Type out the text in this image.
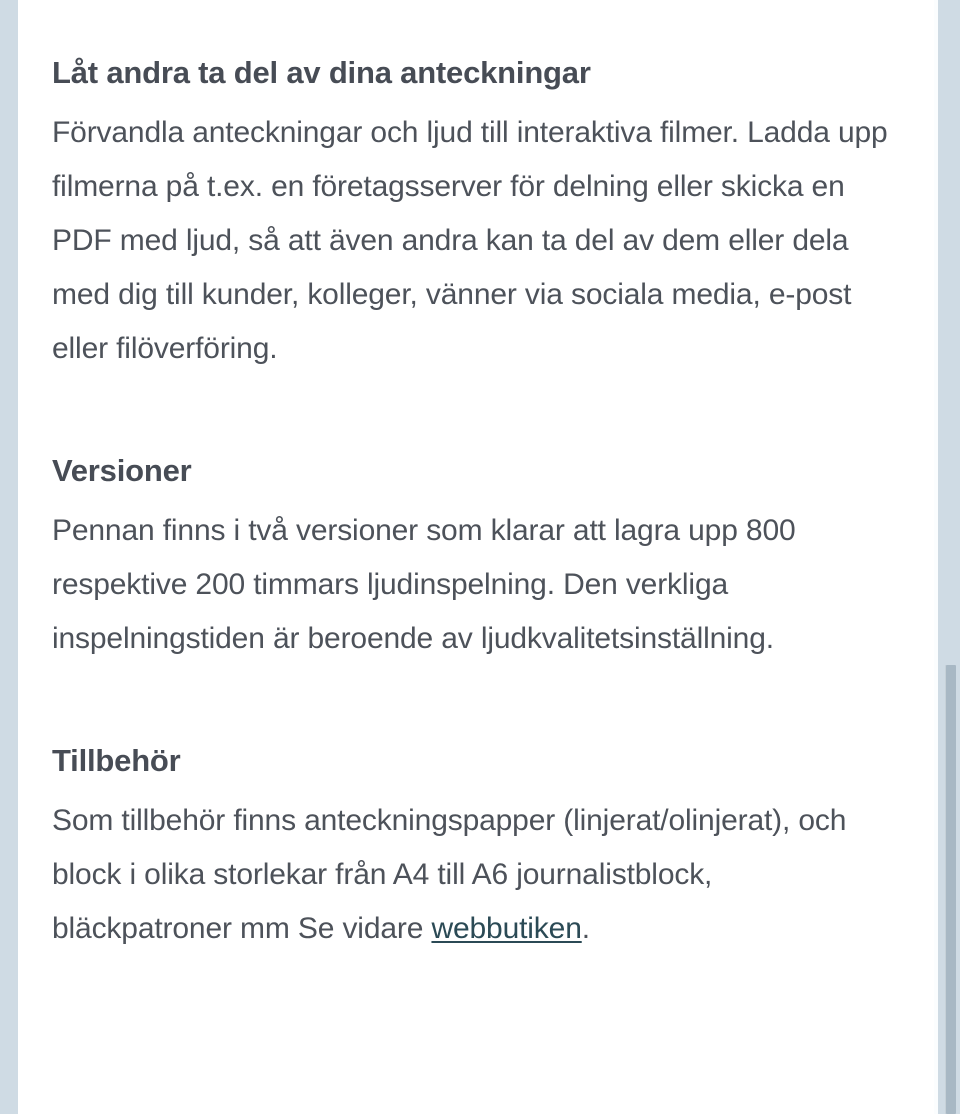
Låt andra ta del av dina anteckningar

Förvandla anteckningar och ljud till interaktiva filmer. Ladda upp filmerna på t.ex. en företagsserver för delning eller skicka en PDF med ljud, så att även andra kan ta del av dem eller dela med dig till kunder, kolleger, vänner via sociala media, e-post eller filöverföring.

Versioner

Pennan finns i två versioner som klarar att lagra upp 800 respektive 200 timmars ljudinspelning. Den verkliga inspelningstiden är beroende av ljudkvalitetsinställning.

Tillbehör

Som tillbehör finns anteckningspapper (linjerat/olinjerat), och block i olika storlekar från A4 till A6 journalistblock, bläckpatroner mm Se vidare webbutiken.
